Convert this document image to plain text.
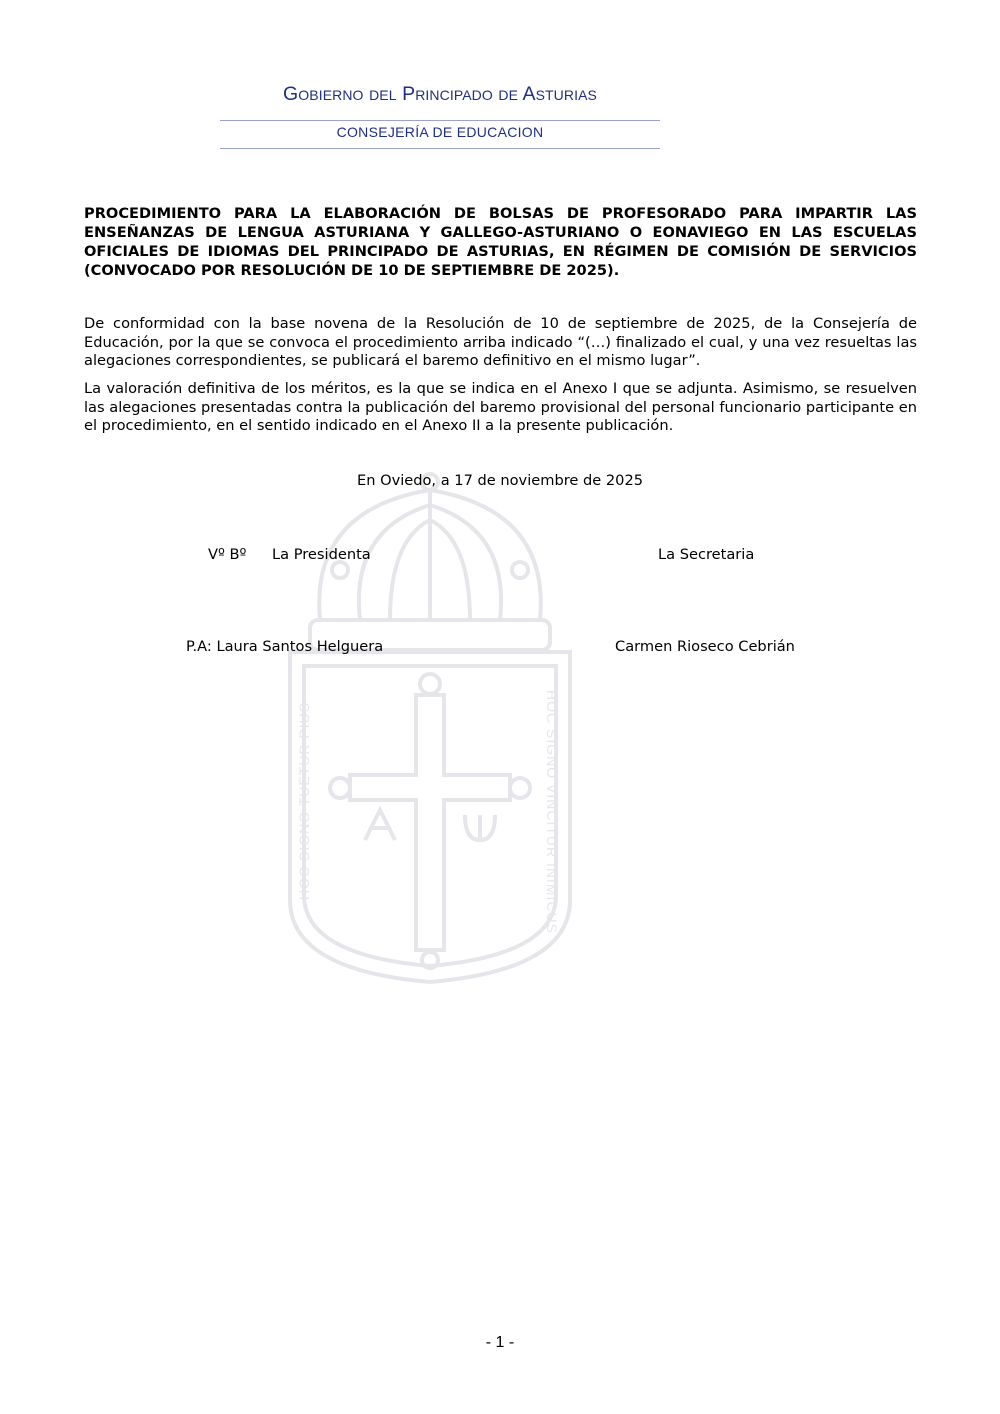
HOC SIGNO TUETUR PIUS	HOC SIGNO VINCITUR INIMICUS
Gobierno del Principado de Asturias
CONSEJERÍA DE EDUCACION
PROCEDIMIENTO PARA LA ELABORACIÓN DE BOLSAS DE PROFESORADO PARA IMPARTIR LAS ENSEÑANZAS DE LENGUA ASTURIANA Y GALLEGO-ASTURIANO O EONAVIEGO EN LAS ESCUELAS OFICIALES DE IDIOMAS DEL PRINCIPADO DE ASTURIAS, EN RÉGIMEN DE COMISIÓN DE SERVICIOS (CONVOCADO POR RESOLUCIÓN DE 10 DE SEPTIEMBRE DE 2025).
De conformidad con la base novena de la Resolución de 10 de septiembre de 2025, de la Consejería de Educación, por la que se convoca el procedimiento arriba indicado “(…) finalizado el cual, y una vez resueltas las alegaciones correspondientes, se publicará el baremo definitivo en el mismo lugar”.
La valoración definitiva de los méritos, es la que se indica en el Anexo I que se adjunta. Asimismo, se resuelven las alegaciones presentadas contra la publicación del baremo provisional del personal funcionario participante en el procedimiento, en el sentido indicado en el Anexo II a la presente publicación.
En Oviedo, a 17 de noviembre de 2025
Vº Bº La Presidenta	La Secretaria
P.A: Laura Santos Helguera	Carmen Rioseco Cebrián
- 1 -
